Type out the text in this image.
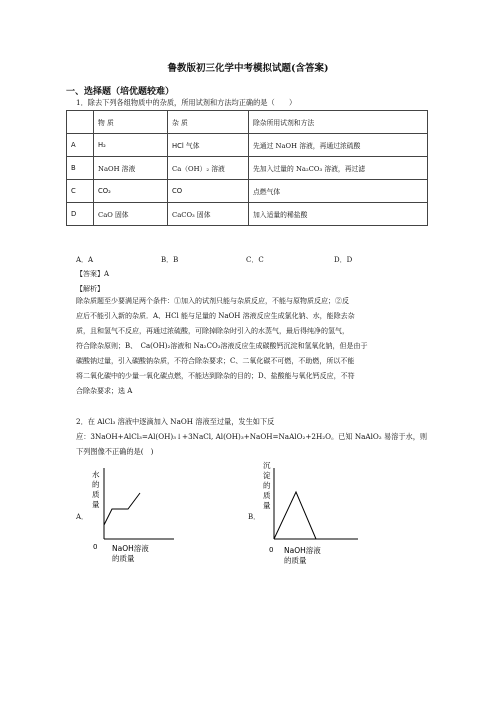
鲁教版初三化学中考模拟试题(含答案)
一、选择题（培优题较难）
1．除去下列各组物质中的杂质，所用试剂和方法均正确的是（　　）
	物 质	杂 质	除杂所用试剂和方法
A	H₂	HCl 气体	先通过 NaOH 溶液，再通过浓硫酸
B	NaOH 溶液	Ca（OH）₂ 溶液	先加入过量的 Na₂CO₃ 溶液，再过滤
C	CO₂	CO	点燃气体
D	CaO 固体	CaCO₃ 固体	加入适量的稀盐酸
A．A	B．B	C．C	D．D
【答案】A
【解析】
除杂质题至少要满足两个条件：①加入的试剂只能与杂质反应，不能与原物质反应；②反
应后不能引入新的杂质．A、HCl 能与足量的 NaOH 溶液反应生成氯化钠、水，能除去杂
质，且和氢气不反应，再通过浓硫酸，可除掉除杂时引入的水蒸气，最后得纯净的氢气，
符合除杂原则；B、　Ca(OH)₂溶液和 Na₂CO₃溶液反应生成碳酸钙沉淀和氢氧化钠，但是由于
碳酸钠过量，引入碳酸钠杂质，不符合除杂要求；C、二氧化碳不可燃，不助燃，所以不能
将二氧化碳中的少量一氧化碳点燃，不能达到除杂的目的；D、盐酸能与氧化钙反应，不符
合除杂要求；选 A
2．在 AlCl₃ 溶液中逐滴加入 NaOH 溶液至过量，发生如下反
应：3NaOH+AlCl₃=Al(OH)₃↓+3NaCl, Al(OH)₃+NaOH=NaAlO₂+2H₂O。已知 NaAlO₂ 易溶于水，则
下列图像不正确的是(　)
A．
水
的
质
量
0 NaOH溶液
的质量
B．
沉
淀
的
质
量
0 NaOH溶液
的质量
